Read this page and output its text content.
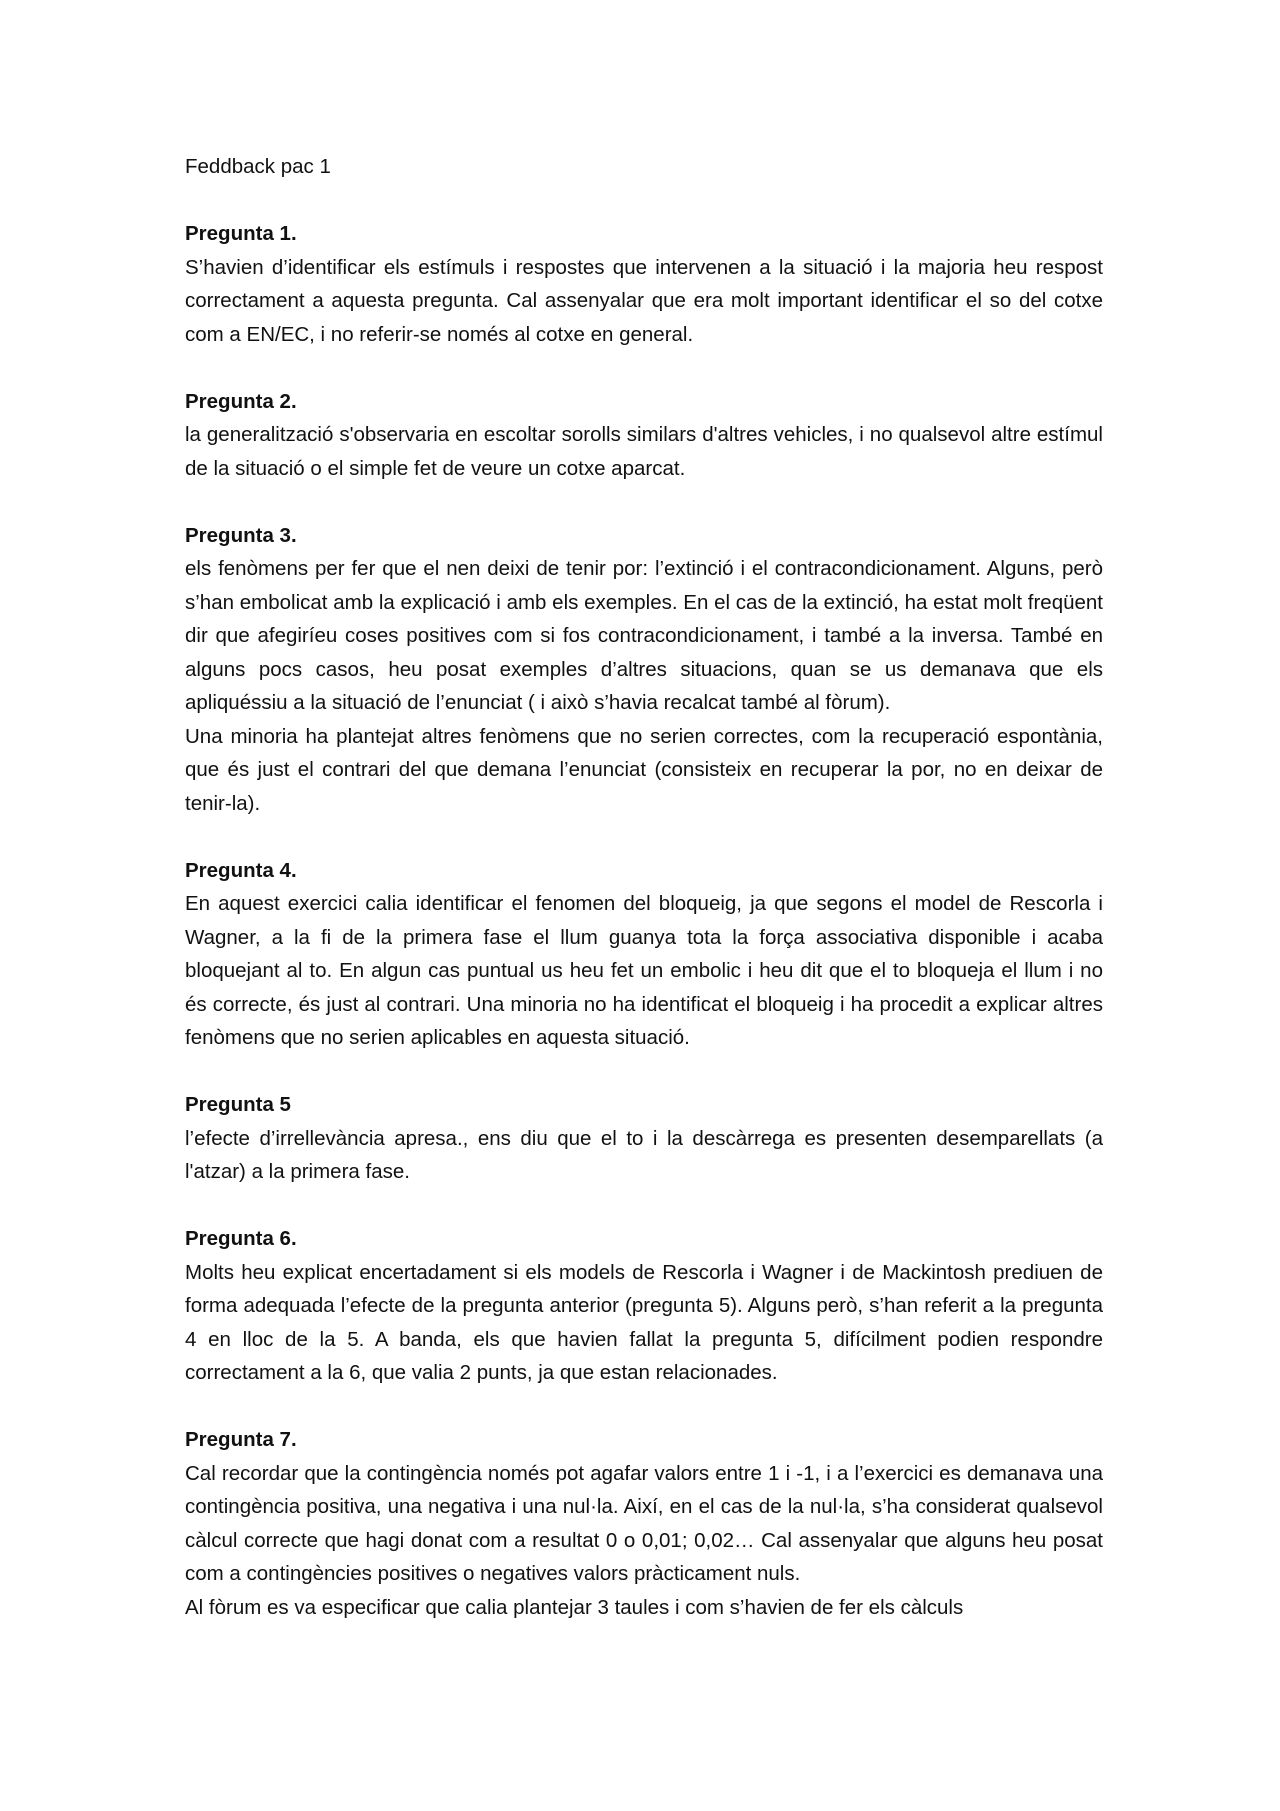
Feddback pac 1

Pregunta 1.

S’havien d’identificar els estímuls i respostes que intervenen a la situació i la majoria heu respost correctament a aquesta pregunta. Cal assenyalar que era molt important identificar el so del cotxe com a EN/EC, i no referir-se només al cotxe en general.

Pregunta 2.

la generalització s'observaria en escoltar sorolls similars d'altres vehicles, i no qualsevol altre estímul de la situació o el simple fet de veure un cotxe aparcat.

Pregunta 3.

els fenòmens per fer que el nen deixi de tenir por: l’extinció i el contracondicionament. Alguns, però s’han embolicat amb la explicació i amb els exemples. En el cas de la extinció, ha estat molt freqüent dir que afegiríeu coses positives com si fos contracondicionament, i també a la inversa. També en alguns pocs casos, heu posat exemples d’altres situacions, quan se us demanava que els apliquéssiu a la situació de l’enunciat ( i això s’havia recalcat també al fòrum).

Una minoria ha plantejat altres fenòmens que no serien correctes, com la recuperació espontània, que és just el contrari del que demana l’enunciat (consisteix en recuperar la por, no en deixar de tenir-la).

Pregunta 4.

En aquest exercici calia identificar el fenomen del bloqueig, ja que segons el model de Rescorla i Wagner, a la fi de la primera fase el llum guanya tota la força associativa disponible i acaba bloquejant al to. En algun cas puntual us heu fet un embolic i heu dit que el to bloqueja el llum i no és correcte, és just al contrari. Una minoria no ha identificat el bloqueig i ha procedit a explicar altres fenòmens que no serien aplicables en aquesta situació.

Pregunta 5

l’efecte d’irrellevància apresa., ens diu que el to i la descàrrega es presenten desemparellats (a l'atzar) a la primera fase.

Pregunta 6.

Molts heu explicat encertadament si els models de Rescorla i Wagner i de Mackintosh prediuen de forma adequada l’efecte de la pregunta anterior (pregunta 5). Alguns però, s’han referit a la pregunta 4 en lloc de la 5. A banda, els que havien fallat la pregunta 5, difícilment podien respondre correctament a la 6, que valia 2 punts, ja que estan relacionades.

Pregunta 7.

Cal recordar que la contingència només pot agafar valors entre 1 i -1, i a l’exercici es demanava una contingència positiva, una negativa i una nul·la. Així, en el cas de la nul·la, s’ha considerat qualsevol càlcul correcte que hagi donat com a resultat 0 o 0,01; 0,02… Cal assenyalar que alguns heu posat com a contingències positives o negatives valors pràcticament nuls.

Al fòrum es va especificar que calia plantejar 3 taules i com s’havien de fer els càlculs
